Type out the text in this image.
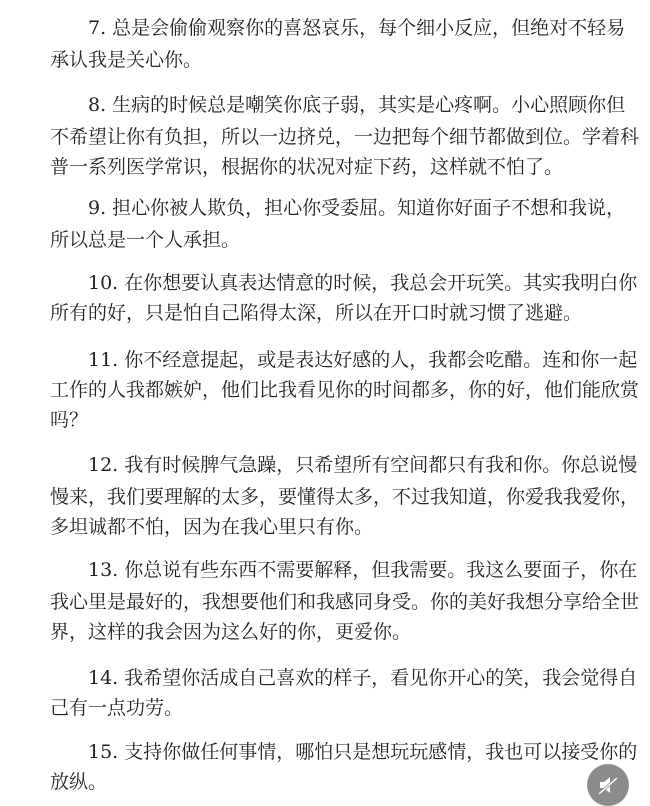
7. 总是会偷偷观察你的喜怒哀乐，每个细小反应，但绝对不轻易
承认我是关心你。
8. 生病的时候总是嘲笑你底子弱，其实是心疼啊。小心照顾你但
不希望让你有负担，所以一边挤兑，一边把每个细节都做到位。学着科
普一系列医学常识，根据你的状况对症下药，这样就不怕了。
9. 担心你被人欺负，担心你受委屈。知道你好面子不想和我说，
所以总是一个人承担。
10. 在你想要认真表达情意的时候，我总会开玩笑。其实我明白你
所有的好，只是怕自己陷得太深，所以在开口时就习惯了逃避。
11. 你不经意提起，或是表达好感的人，我都会吃醋。连和你一起
工作的人我都嫉妒，他们比我看见你的时间都多，你的好，他们能欣赏
吗？
12. 我有时候脾气急躁，只希望所有空间都只有我和你。你总说慢
慢来，我们要理解的太多，要懂得太多，不过我知道，你爱我我爱你，
多坦诚都不怕，因为在我心里只有你。
13. 你总说有些东西不需要解释，但我需要。我这么要面子，你在
我心里是最好的，我想要他们和我感同身受。你的美好我想分享给全世
界，这样的我会因为这么好的你，更爱你。
14. 我希望你活成自己喜欢的样子，看见你开心的笑，我会觉得自
己有一点功劳。
15. 支持你做任何事情，哪怕只是想玩玩感情，我也可以接受你的
放纵。
